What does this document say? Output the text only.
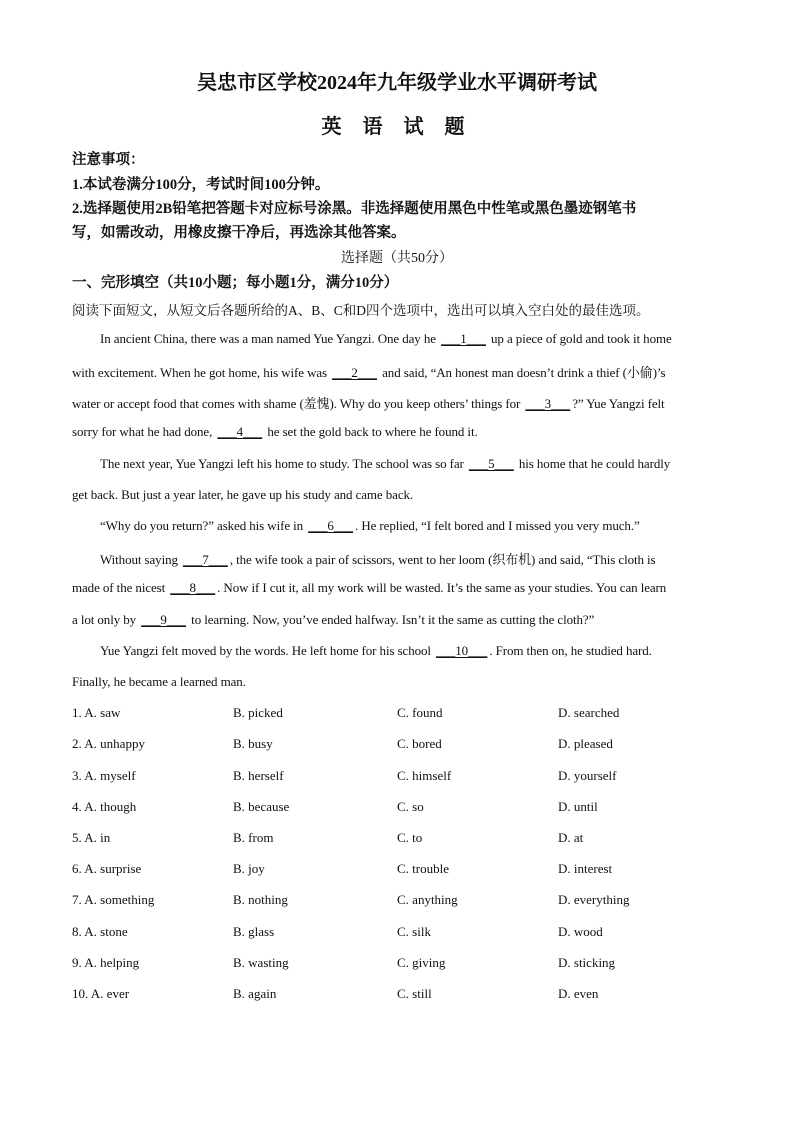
吴忠市区学校2024年九年级学业水平调研考试
英 语 试 题
注意事项：
1.本试卷满分100分，考试时间100分钟。
2.选择题使用2B铅笔把答题卡对应标号涂黑。非选择题使用黑色中性笔或黑色墨迹钢笔书
写，如需改动，用橡皮擦干净后，再选涂其他答案。
选择题（共50分）
一、完形填空（共10小题；每小题1分，满分10分）
阅读下面短文，从短文后各题所给的A、B、C和D四个选项中，选出可以填入空白处的最佳选项。
In ancient China, there was a man named Yue Yangzi. One day he ___1___ up a piece of gold and took it home
with excitement. When he got home, his wife was ___2___ and said, “An honest man doesn’t drink a thief (小偷)’s
water or accept food that comes with shame (羞愧). Why do you keep others’ things for ___3___ ?” Yue Yangzi felt
sorry for what he had done, ___4___ he set the gold back to where he found it.
The next year, Yue Yangzi left his home to study. The school was so far ___5___ his home that he could hardly
get back. But just a year later, he gave up his study and came back.
“Why do you return?” asked his wife in ___6___ . He replied, “I felt bored and I missed you very much.”
Without saying ___7___ , the wife took a pair of scissors, went to her loom (织布机) and said, “This cloth is
made of the nicest ___8___ . Now if I cut it, all my work will be wasted. It’s the same as your studies. You can learn
a lot only by ___9___ to learning. Now, you’ve ended halfway. Isn’t it the same as cutting the cloth?”
Yue Yangzi felt moved by the words. He left home for his school ___10___ . From then on, he studied hard.
Finally, he became a learned man.
1. A. saw	B. picked	C. found	D. searched
2. A. unhappy	B. busy	C. bored	D. pleased
3. A. myself	B. herself	C. himself	D. yourself
4. A. though	B. because	C. so	D. until
5. A. in	B. from	C. to	D. at
6. A. surprise	B. joy	C. trouble	D. interest
7. A. something	B. nothing	C. anything	D. everything
8. A. stone	B. glass	C. silk	D. wood
9. A. helping	B. wasting	C. giving	D. sticking
10. A. ever	B. again	C. still	D. even
